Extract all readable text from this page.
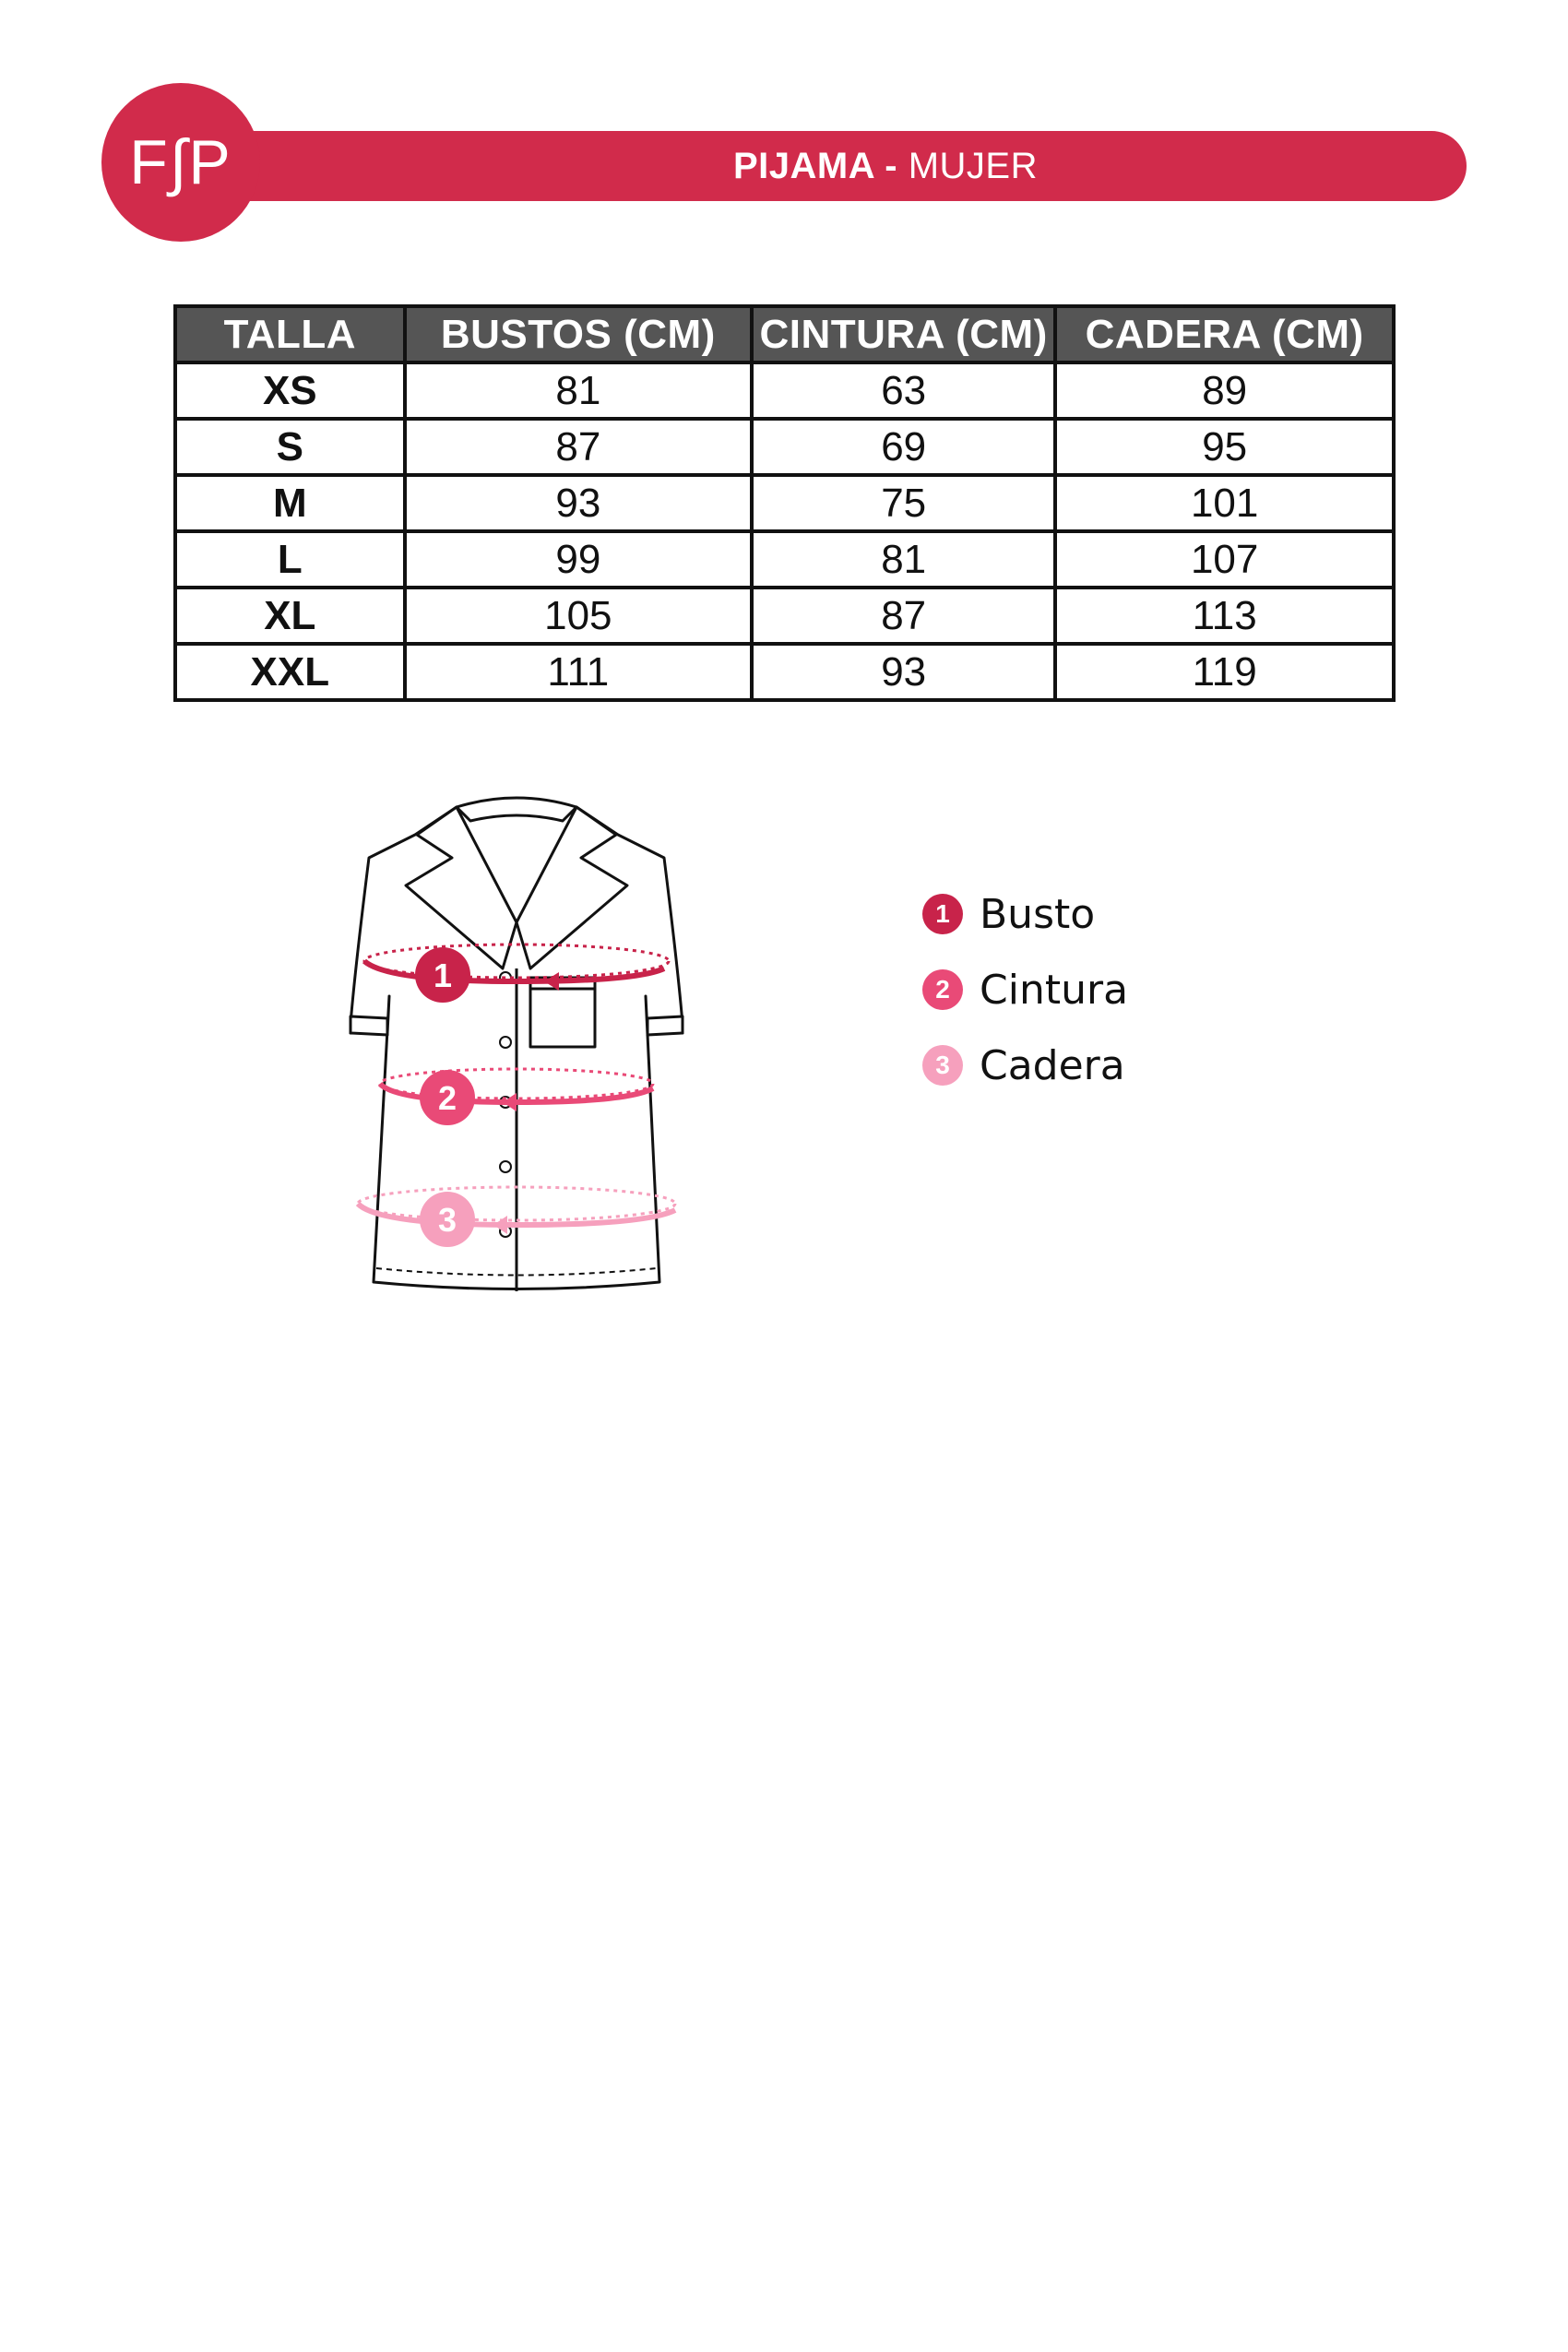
PIJAMA - MUJER
F∫P
TALLA	BUSTOS (CM)	CINTURA (CM)	CADERA (CM)
XS	81	63	89
S	87	69	95
M	93	75	101
L	99	81	107
XL	105	87	113
XXL	111	93	119
1
2
3
1 Busto
2 Cintura
3 Cadera
